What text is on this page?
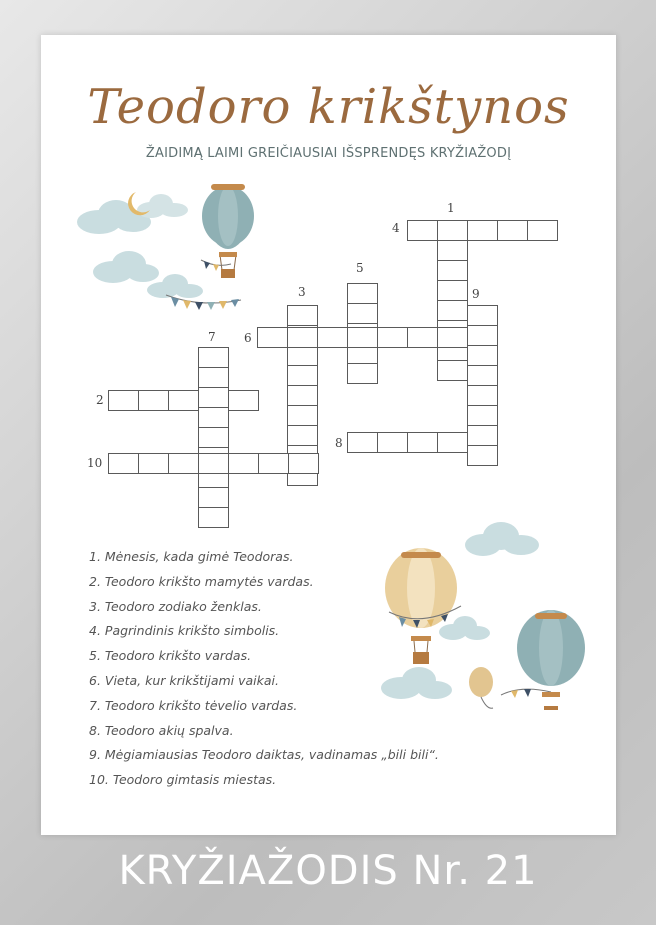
Teodoro krikštynos
ŽAIDIMĄ LAIMI GREIČIAUSIAI IŠSPRENDĘS KRYŽIAŽODĮ
1
2
3
4
5
6
7
8
9
10
1. Mėnesis, kada gimė Teodoras.
2. Teodoro krikšto mamytės vardas.
3. Teodoro zodiako ženklas.
4. Pagrindinis krikšto simbolis.
5. Teodoro krikšto vardas.
6. Vieta, kur krikštijami vaikai.
7. Teodoro krikšto tėvelio vardas.
8. Teodoro akių spalva.
9. Mėgiamiausias Teodoro daiktas, vadinamas „bili bili“.
10. Teodoro gimtasis miestas.
KRYŽIAŽODIS Nr. 21
